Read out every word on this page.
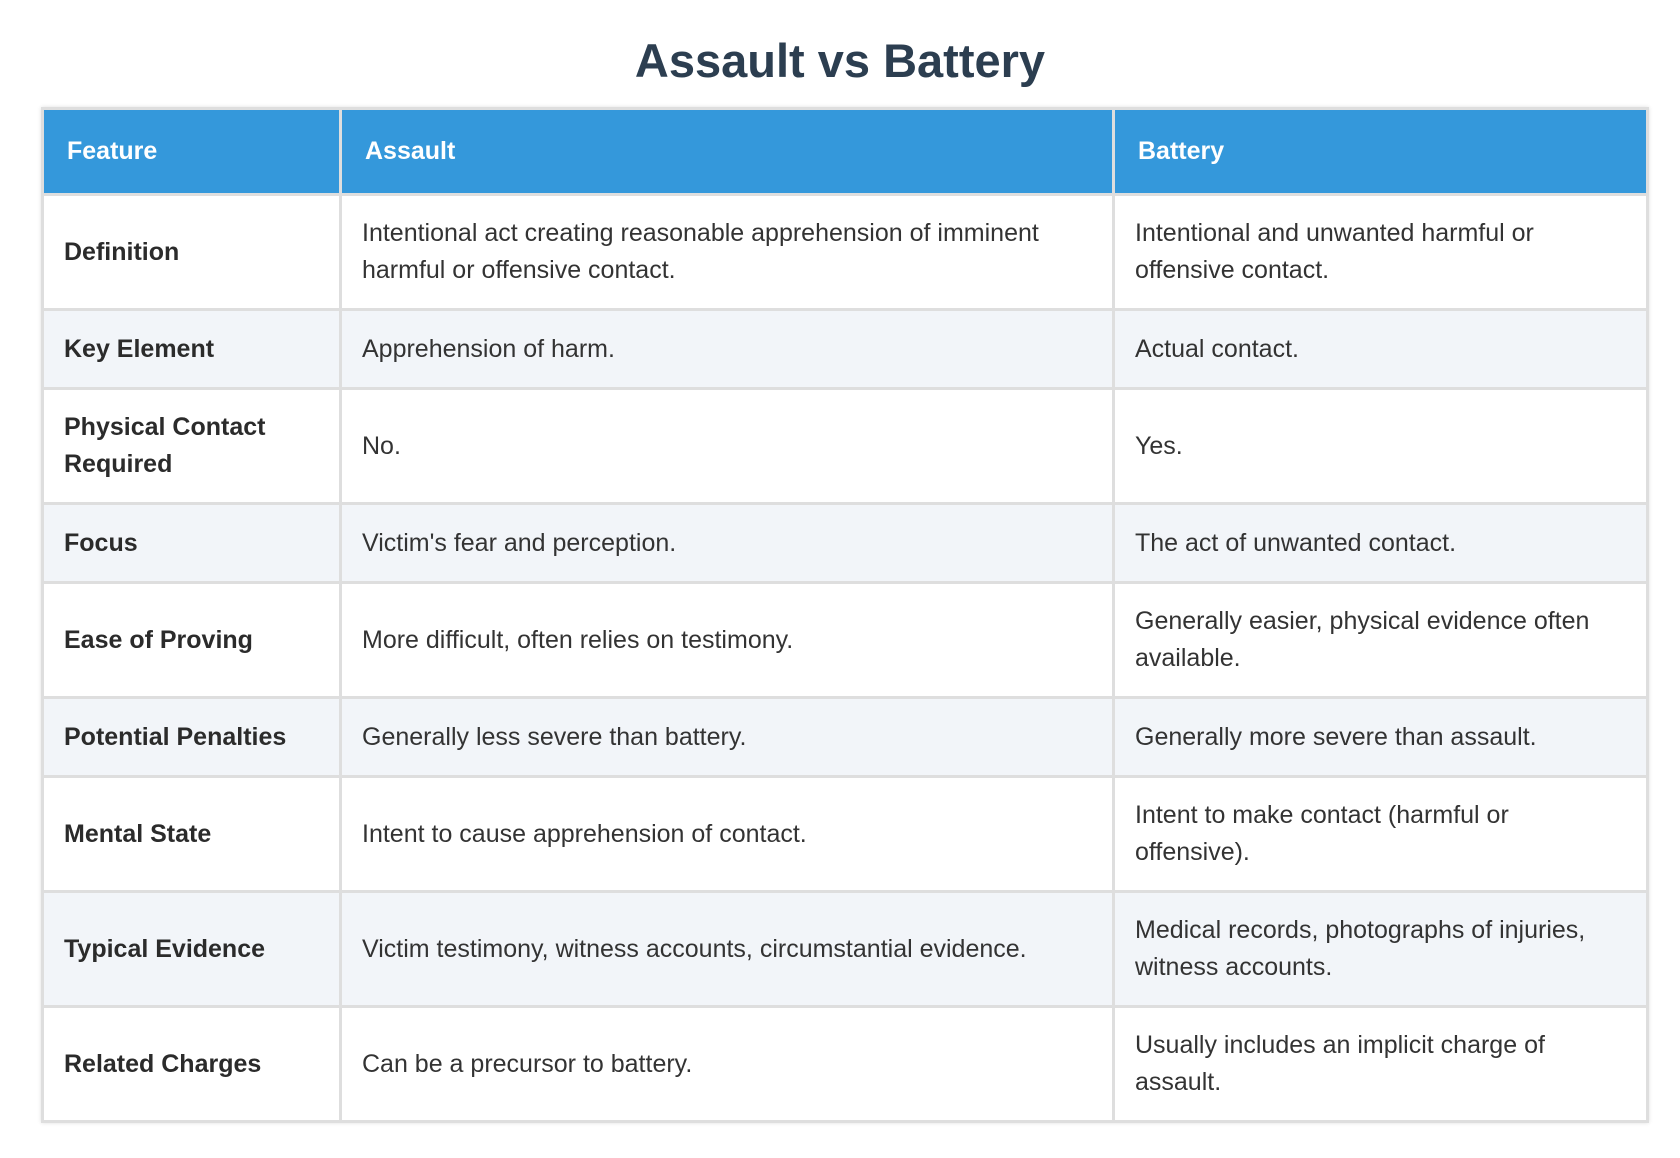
Assault vs Battery
Feature	Assault	Battery
Definition	Intentional act creating reasonable apprehension of imminent harmful or offensive contact.	Intentional and unwanted harmful or offensive contact.
Key Element	Apprehension of harm.	Actual contact.
Physical Contact Required	No.	Yes.
Focus	Victim's fear and perception.	The act of unwanted contact.
Ease of Proving	More difficult, often relies on testimony.	Generally easier, physical evidence often available.
Potential Penalties	Generally less severe than battery.	Generally more severe than assault.
Mental State	Intent to cause apprehension of contact.	Intent to make contact (harmful or offensive).
Typical Evidence	Victim testimony, witness accounts, circumstantial evidence.	Medical records, photographs of injuries, witness accounts.
Related Charges	Can be a precursor to battery.	Usually includes an implicit charge of assault.
